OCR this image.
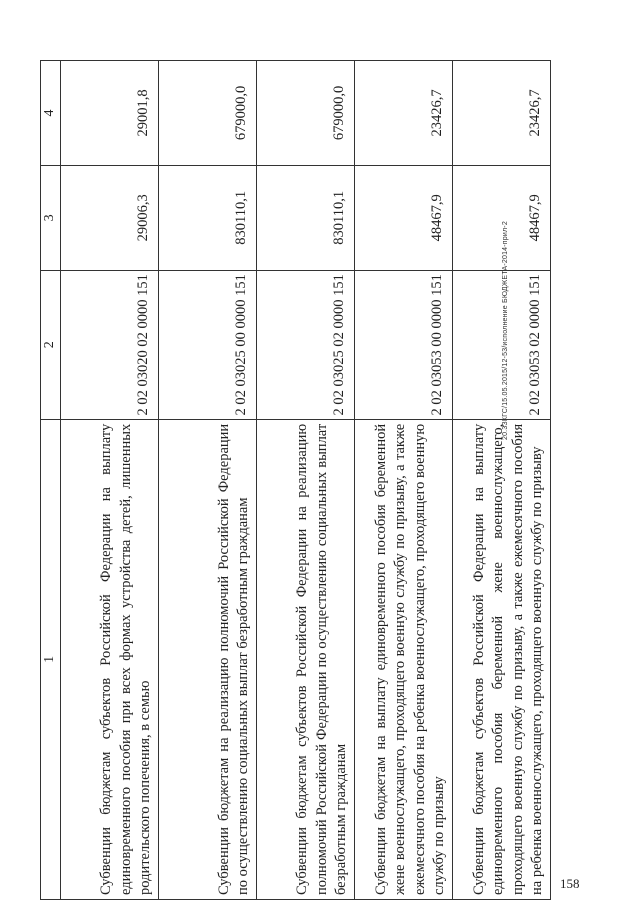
1	2	3	4
Субвенции бюджетам субъектов Российской Федерации на выплату единовременного пособия при всех формах устройства детей, лишенных родительского попечения, в семью	2 02 03020 02 0000 151	29006,3	29001,8
Субвенции бюджетам на реализацию полномочий Российской Федерации по осуществлению социальных выплат безработным гражданам	2 02 03025 00 0000 151	830110,1	679000,0
Субвенции бюджетам субъектов Российской Федерации на реализацию полномочий Российской Федерации по осуществлению социальных выплат безработным гражданам	2 02 03025 02 0000 151	830110,1	679000,0
Субвенции бюджетам на выплату единовременного пособия беременной жене военнослужащего, проходящего военную службу по призыву, а также ежемесячного пособия на ребенка военнослужащего, проходящего военную службу по призыву	2 02 03053 00 0000 151	48467,9	23426,7
Субвенции бюджетам субъектов Российской Федерации на выплату единовременного пособия беременной жене военнослужащего, проходящего военную службу по призыву, а также ежемесячного пособия на ребенка военнослужащего, проходящего военную службу по призыву	2 02 03053 02 0000 151	48467,9	23426,7
20.3ЗКГС/15.05.2015/12-53/исполнение БЮДЖЕТА-2014-прил-2
158
